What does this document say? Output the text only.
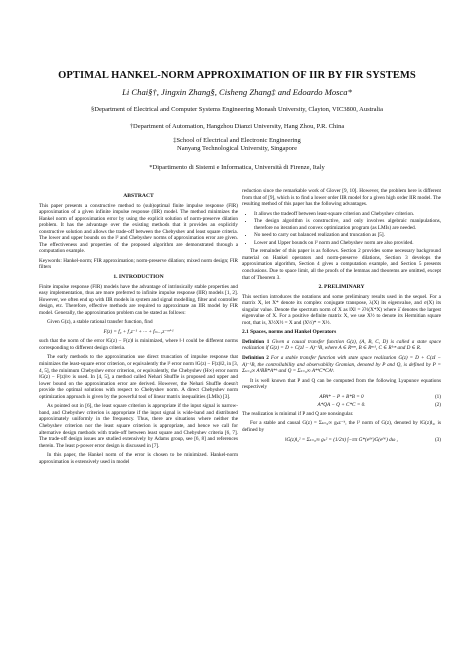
OPTIMAL HANKEL-NORM APPROXIMATION OF IIR BY FIR SYSTEMS
Li Chai§†, Jingxin Zhang§, Cisheng Zhang‡ and Edoardo Mosca*
§Department of Electrical and Computer Systems Engineering Monash University, Clayton, VIC3800, Australia
†Department of Automation, Hangzhou Dianzi University, Hang Zhou, P.R. China
‡School of Electrical and Electronic Engineering
Nanyang Technological University, Singapore
*Dipartimento di Sistemi e Informatica, Università di Firenze, Italy
ABSTRACT

This paper presents a constructive method to (sub)optimal finite impulse response (FIR) approximation of a given infinite impulse response (IIR) model. The method minimizes the Hankel norm of approximation error by using the explicit solution of norm-preserve dilation problem. It has the advantage over the existing methods that it provides an explicitly constructive solution and allows the trade-off between the Chebyshev and least square criteria. The lower and upper bounds on the l² and Chebyshev norms of approximation error are given. The effectiveness and properties of the proposed algorithm are demonstrated through a computation example.

Keywords: Hankel-norm; FIR approximation; norm-preserve dilation; mixed norm design; FIR filters

1. INTRODUCTION

Finite impulse response (FIR) models have the advantage of intrinsically stable properties and easy implementation, thus are more preferred to infinite impulse response (IIR) models [1, 2]. However, we often end up with IIR models in system and signal modelling, filter and controller design, etc. Therefore, effective methods are required to approximate an IIR model by FIR model. Generally, the approximation problem can be stated as follows:

Given G(z), a stable rational transfer function, find

F(z) = f₀ + f₁z⁻¹ + ··· + fₘ₋₁z⁻ᵐ⁺¹

such that the norm of the error ‖G(z) − F(z)‖ is minimized, where ‖·‖ could be different norms corresponding to different design criteria.

The early methods to the approximation use direct truncation of impulse response that minimizes the least-square error criterion, or equivalently the l² error norm ‖G(z) − F(z)‖2, in [3, 4, 5], the minimum Chebyshev error criterion, or equivalently, the Chebyshev (H∞) error norm ‖G(z) − F(z)‖∞ is used. In [4, 5], a method called Nehari Shuffle is proposed and upper and lower bound on the approximation error are derived. However, the Nehari Shuffle doesn't provide the optimal solutions with respect to Chebyshev norm. A direct Chebyshev norm optimization approach is given by the powerful tool of linear matrix inequalities (LMIs) [3].

As pointed out in [6], the least square criterion is appropriate if the input signal is narrow-band, and Chebyshev criterion is appropriate if the input signal is wide-band and distributed approximately uniformly in the frequency. Thus, there are situations where neither the Chebyshev criterion nor the least square criterion is appropriate, and hence we call for alternative design methods with trade-off between least square and Chebyshev criteria [6, 7]. The trade-off design issues are studied extensively by Adams group, see [6, 8] and references therein. The least p-power error design is discussed in [7].

In this paper, the Hankel norm of the error is chosen to be minimized. Hankel-norm approximation is extensively used in model

reduction since the remarkable work of Glover [9, 10]. However, the problem here is different from that of [9], which is to find a lower order IIR model for a given high order IIR model. The resulting method of this paper has the following advantages.

• It allows the tradeoff between least-square criterion and Chebyshev criterion.
• The design algorithm is constructive, and only involves algebraic manipulations, therefore no iteration and convex optimization program (as LMIs) are needed.
• No need to carry out balanced realization and truncation as [5].
• Lower and Upper bounds on l² norm and Chebyshev norm are also provided.

The remainder of this paper is as follows. Section 2 provides some necessary background material on Hankel operators and norm-preserve dilations, Section 3 develops the approximation algorithm, Section 4 gives a computation example, and Section 5 presents conclusions. Due to space limit, all the proofs of the lemmas and theorems are omitted, except that of Theorem 3.

2. PRELIMINARY

This section introduces the notations and some preliminary results used in the sequel. For a matrix X, let X* denote its complex conjugate transpose, λ(X) its eigenvalue, and σ(X) its singular value. Denote the spectrum norm of X as ‖X‖ = λ̄½(X*X) where λ̄ denotes the largest eigenvalue of X. For a positive definite matrix X, we use X½ to denote its Hermitian square root, that is, X½X½ = X and (X½)* = X½.

2.1 Spaces, norms and Hankel Operators
Definition 1 Given a causal transfer function G(z), (A, B, C, D) is called a state space realization if G(z) = D + C(zI − A)⁻¹B, where A ∈ Rⁿˣⁿ, B ∈ Rⁿˣ¹, C ∈ R¹ˣⁿ and D ∈ R.
Definition 2 For a stable transfer function with state space realization G(z) = D + C(zI − A)⁻¹B, the controllability and observability Gramian, denoted by P and Q, is defined by P = Σₖ₌₀∞ AᵏBB*A*ᵏ and Q = Σₖ₌₀∞ A*ᵏC*CAᵏ.

It is well known that P and Q can be computed from the following Lyapunov equations respectively

APA* − P + B*B = 0	(1)
A*QA − Q + C*C = 0.	(2)

The realization is minimal if P and Q are nonsingular.

For a stable and causal G(z) = Σₖ₌₀∞ gₖz⁻ᵏ, the l² norm of G(z), denoted by ‖G(z)‖₂, is defined by

‖G(z)‖₂² = Σₖ₌₀∞ gₖ² = (1/2π) ∫−ππ G*(eʲᵂ)G(eʲᵂ) dω ,	(3)
